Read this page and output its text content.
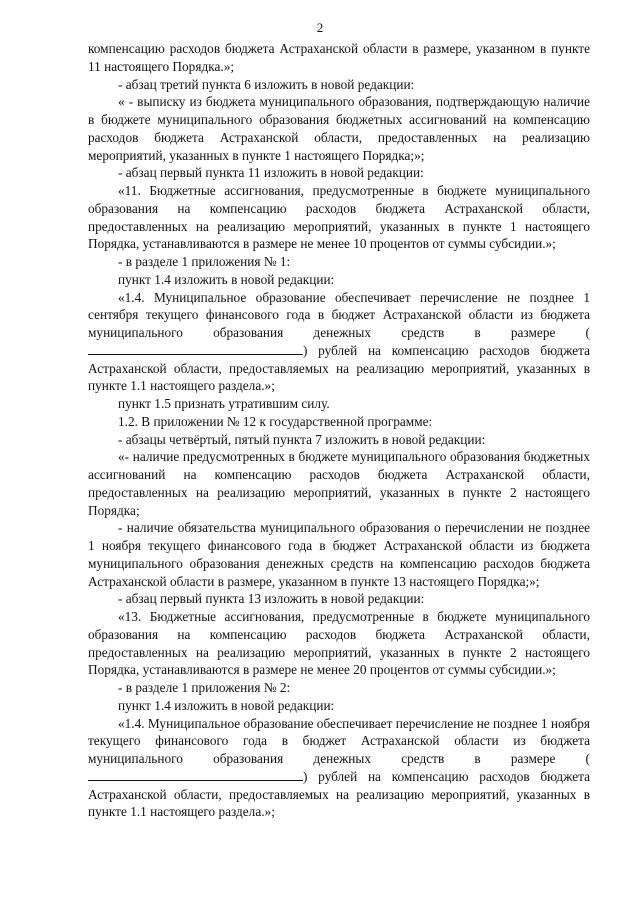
2

компенсацию расходов бюджета Астраханской области в размере, указанном в пункте 11 настоящего Порядка.»;

- абзац третий пункта 6 изложить в новой редакции:

« - выписку из бюджета муниципального образования, подтверждающую наличие в бюджете муниципального образования бюджетных ассигнований на компенсацию расходов бюджета Астраханской области, предоставленных на реализацию мероприятий, указанных в пункте 1 настоящего Порядка;»;

- абзац первый пункта 11 изложить в новой редакции:

«11. Бюджетные ассигнования, предусмотренные в бюджете муниципального образования на компенсацию расходов бюджета Астраханской области, предоставленных на реализацию мероприятий, указанных в пункте 1 настоящего Порядка, устанавливаются в размере не менее 10 процентов от суммы субсидии.»;

- в разделе 1 приложения № 1:

пункт 1.4 изложить в новой редакции:

«1.4. Муниципальное образование обеспечивает перечисление не позднее 1 сентября текущего финансового года в бюджет Астраханской области из бюджета муниципального образования денежных средств в размере () рублей на компенсацию расходов бюджета Астраханской области, предоставляемых на реализацию мероприятий, указанных в пункте 1.1 настоящего раздела.»;

пункт 1.5 признать утратившим силу.

1.2. В приложении № 12 к государственной программе:

- абзацы четвёртый, пятый пункта 7 изложить в новой редакции:

«- наличие предусмотренных в бюджете муниципального образования бюджетных ассигнований на компенсацию расходов бюджета Астраханской области, предоставленных на реализацию мероприятий, указанных в пункте 2 настоящего Порядка;

- наличие обязательства муниципального образования о перечислении не позднее 1 ноября текущего финансового года в бюджет Астраханской области из бюджета муниципального образования денежных средств на компенсацию расходов бюджета Астраханской области в размере, указанном в пункте 13 настоящего Порядка;»;

- абзац первый пункта 13 изложить в новой редакции:

«13. Бюджетные ассигнования, предусмотренные в бюджете муниципального образования на компенсацию расходов бюджета Астраханской области, предоставленных на реализацию мероприятий, указанных в пункте 2 настоящего Порядка, устанавливаются в размере не менее 20 процентов от суммы субсидии.»;

- в разделе 1 приложения № 2:

пункт 1.4 изложить в новой редакции:

«1.4. Муниципальное образование обеспечивает перечисление не позднее 1 ноября текущего финансового года в бюджет Астраханской области из бюджета муниципального образования денежных средств в размере () рублей на компенсацию расходов бюджета Астраханской области, предоставляемых на реализацию мероприятий, указанных в пункте 1.1 настоящего раздела.»;
